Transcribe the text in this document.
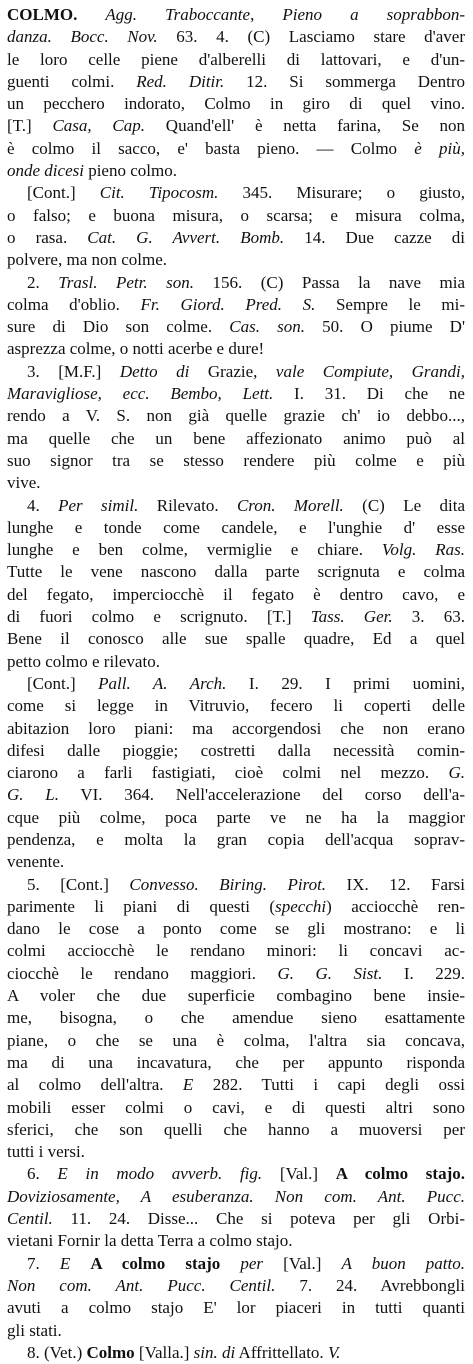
COLMO. Agg. Traboccante, Pieno a soprabbon-
danza. Bocc. Nov. 63. 4. (C) Lasciamo stare d'aver
le loro celle piene d'alberelli di lattovari, e d'un-
guenti colmi. Red. Ditir. 12. Si sommerga Dentro
un pecchero indorato, Colmo in giro di quel vino.
[T.] Casa, Cap. Quand'ell' è netta farina, Se non
è colmo il sacco, e' basta pieno. — Colmo è più,
onde dicesi pieno colmo.
[Cont.] Cit. Tipocosm. 345. Misurare; o giusto,
o falso; e buona misura, o scarsa; e misura colma,
o rasa. Cat. G. Avvert. Bomb. 14. Due cazze di
polvere, ma non colme.
2. Trasl. Petr. son. 156. (C) Passa la nave mia
colma d'oblio. Fr. Giord. Pred. S. Sempre le mi-
sure di Dio son colme. Cas. son. 50. O piume D'
asprezza colme, o notti acerbe e dure!
3. [M.F.] Detto di Grazie, vale Compiute, Grandi,
Maravigliose, ecc. Bembo, Lett. I. 31. Di che ne
rendo a V. S. non già quelle grazie ch' io debbo...,
ma quelle che un bene affezionato animo può al
suo signor tra se stesso rendere più colme e più
vive.
4. Per simil. Rilevato. Cron. Morell. (C) Le dita
lunghe e tonde come candele, e l'unghie d' esse
lunghe e ben colme, vermiglie e chiare. Volg. Ras.
Tutte le vene nascono dalla parte scrignuta e colma
del fegato, imperciocchè il fegato è dentro cavo, e
di fuori colmo e scrignuto. [T.] Tass. Ger. 3. 63.
Bene il conosco alle sue spalle quadre, Ed a quel
petto colmo e rilevato.
[Cont.] Pall. A. Arch. I. 29. I primi uomini,
come si legge in Vitruvio, fecero li coperti delle
abitazion loro piani: ma accorgendosi che non erano
difesi dalle pioggie; costretti dalla necessità comin-
ciarono a farli fastigiati, cioè colmi nel mezzo. G.
G. L. VI. 364. Nell'accelerazione del corso dell'a-
cque più colme, poca parte ve ne ha la maggior
pendenza, e molta la gran copia dell'acqua soprav-
venente.
5. [Cont.] Convesso. Biring. Pirot. IX. 12. Farsi
parimente li piani di questi (specchi) acciocchè ren-
dano le cose a ponto come se gli mostrano: e li
colmi acciocchè le rendano minori: li concavi ac-
ciocchè le rendano maggiori. G. G. Sist. I. 229.
A voler che due superficie combagino bene insie-
me, bisogna, o che amendue sieno esattamente
piane, o che se una è colma, l'altra sia concava,
ma di una incavatura, che per appunto risponda
al colmo dell'altra. E 282. Tutti i capi degli ossi
mobili esser colmi o cavi, e di questi altri sono
sferici, che son quelli che hanno a muoversi per
tutti i versi.
6. E in modo avverb. fig. [Val.] A colmo stajo.
Doviziosamente, A esuberanza. Non com. Ant. Pucc.
Centil. 11. 24. Disse... Che si poteva per gli Orbi-
vietani Fornir la detta Terra a colmo stajo.
7. E A colmo stajo per [Val.] A buon patto.
Non com. Ant. Pucc. Centil. 7. 24. Avrebbongli
avuti a colmo stajo E' lor piaceri in tutti quanti
gli stati.
8. (Vet.) Colmo [Valla.] sin. di Affrittellato. V.
